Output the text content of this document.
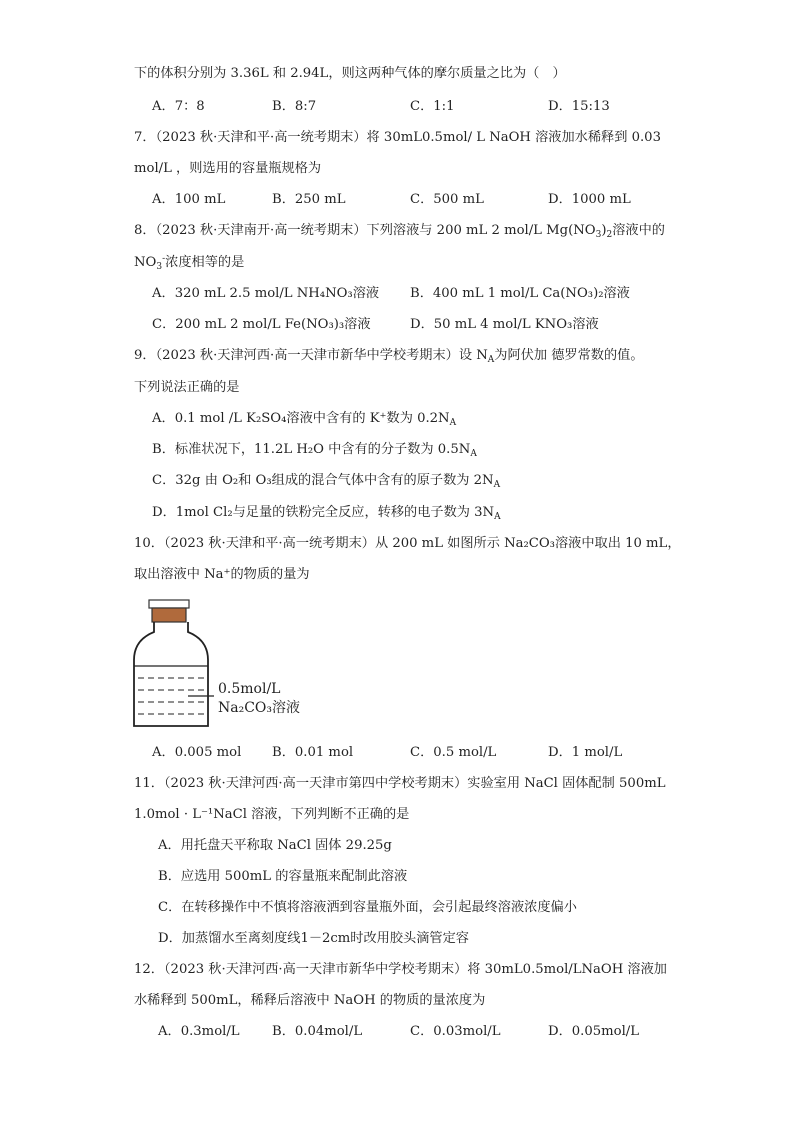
下的体积分别为 3.36L 和 2.94L，则这两种气体的摩尔质量之比为（　）
A．7：8	B．8:7	C．1:1	D．15:13
7．（2023 秋·天津和平·高一统考期末）将 30mL0.5mol/ L NaOH 溶液加水稀释到 0.03
mol/L ，则选用的容量瓶规格为
A．100 mL	B．250 mL	C．500 mL	D．1000 mL
8．（2023 秋·天津南开·高一统考期末）下列溶液与 200 mL 2 mol/L $Mg(NO_3)_2$溶液中的
$NO_3^-$浓度相等的是
A．320 mL 2.5 mol/L NH₄NO₃溶液 B．400 mL 1 mol/L Ca(NO₃)₂溶液
C．200 mL 2 mol/L Fe(NO₃)₃溶液	D．50 mL 4 mol/L KNO₃溶液
9．（2023 秋·天津河西·高一天津市新华中学校考期末）设 $N_A$为阿伏加 德罗常数的值。
下列说法正确的是
A．0.1 mol /L K₂SO₄溶液中含有的 K⁺数为 $0.2N_A$
B．标准状况下，11.2L H₂O 中含有的分子数为 $0.5N_A$
C．32g 由 O₂和 O₃组成的混合气体中含有的原子数为 $2N_A$
D．1mol Cl₂与足量的铁粉完全反应，转移的电子数为 $3N_A$
10．（2023 秋·天津和平·高一统考期末）从 200 mL 如图所示 Na₂CO₃溶液中取出 10 mL，
取出溶液中 Na⁺的物质的量为
0.5mol/L
Na₂CO₃溶液
A．0.005 mol B．0.01 mol	C．0.5 mol/L	D．1 mol/L
11．（2023 秋·天津河西·高一天津市第四中学校考期末）实验室用 NaCl 固体配制 500mL
1.0mol · L⁻¹NaCl 溶液，下列判断不正确的是
A．用托盘天平称取 NaCl 固体 29.25g
B．应选用 500mL 的容量瓶来配制此溶液
C．在转移操作中不慎将溶液洒到容量瓶外面，会引起最终溶液浓度偏小
D．加蒸馏水至离刻度线1－2cm时改用胶头滴管定容
12．（2023 秋·天津河西·高一天津市新华中学校考期末）将 30mL0.5mol/LNaOH 溶液加
水稀释到 500mL，稀释后溶液中 NaOH 的物质的量浓度为
A．0.3mol/L B．0.04mol/L	C．0.03mol/L	D．0.05mol/L
